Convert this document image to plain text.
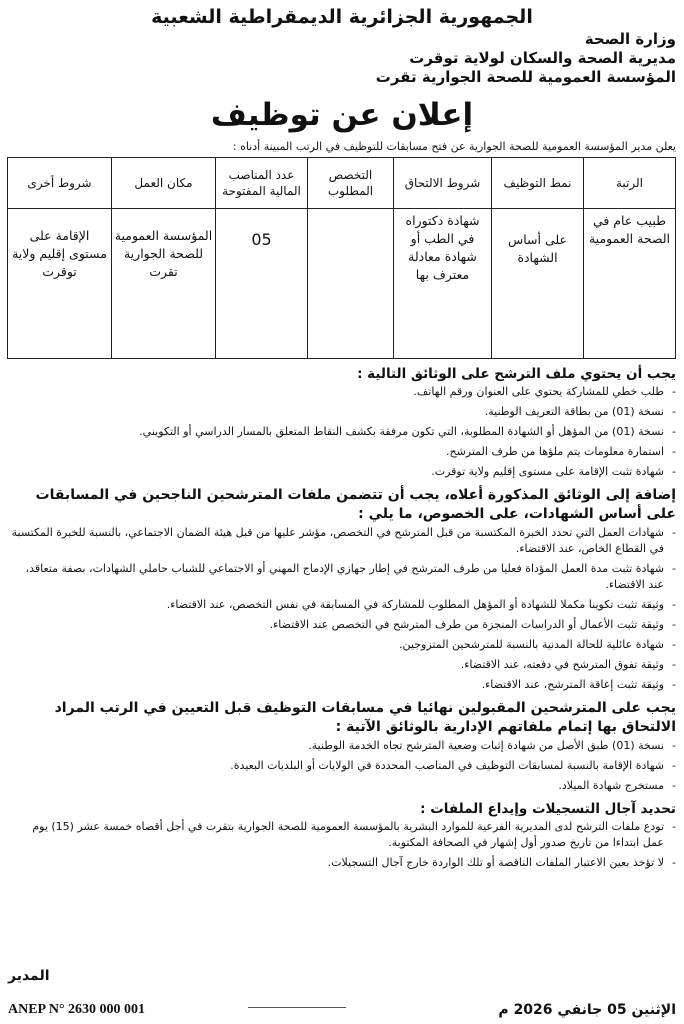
الجمهورية الجزائرية الديمقراطية الشعبية

وزارة الصحة

مديرية الصحة والسكان لولاية توقرت

المؤسسة العمومية للصحة الجوارية تقرت

إعلان عن توظيف

يعلن مدير المؤسسة العمومية للصحة الجوارية عن فتح مسابقات للتوظيف في الرتب المبينة أدناه :

الرتبة	نمط التوظيف	شروط الالتحاق	التخصص المطلوب	عدد المناصب المالية المفتوحة	مكان العمل	شروط أخرى
طبيب عام في الصحة العمومية	على أساس الشهادة	شهادة دكتوراه في الطب أو شهادة معادلة معترف بها		05	المؤسسة العمومية للصحة الجوارية تقرت	الإقامة على مستوى إقليم ولاية توقرت

يجب أن يحتوي ملف الترشح على الوثائق التالية :

-
طلب خطي للمشاركة يحتوي على العنوان ورقم الهاتف.
-
نسخة (01) من بطاقة التعريف الوطنية.
-
نسخة (01) من المؤهل أو الشهادة المطلوبة، التي تكون مرفقة بكشف النقاط المتعلق بالمسار الدراسي أو التكويني.
-
استمارة معلومات يتم ملؤها من طرف المترشح.
-
شهادة تثبت الإقامة على مستوى إقليم ولاية توقرت.

إضافة إلى الوثائق المذكورة أعلاه، يجب أن تتضمن ملفات المترشحين الناجحين في المسابقات على أساس الشهادات، على الخصوص، ما يلي :

-
شهادات العمل التي تحدد الخبرة المكتسبة من قبل المترشح في التخصص، مؤشر عليها من قبل هيئة الضمان الاجتماعي، بالنسبة للخبرة المكتسبة في القطاع الخاص، عند الاقتضاء.
-
شهادة تثبت مدة العمل المؤداة فعليا من طرف المترشح في إطار جهازي الإدماج المهني أو الاجتماعي للشباب حاملي الشهادات، بصفة متعاقد، عند الاقتضاء.
-
وثيقة تثبت تكوينا مكملا للشهادة أو المؤهل المطلوب للمشاركة في المسابقة في نفس التخصص، عند الاقتضاء.
-
وثيقة تثبت الأعمال أو الدراسات المنجزة من طرف المترشح في التخصص عند الاقتضاء.
-
شهادة عائلية للحالة المدنية بالنسبة للمترشحين المتزوجين.
-
وثيقة تفوق المترشح في دفعته، عند الاقتضاء.
-
وثيقة تثبت إعاقة المترشح، عند الاقتضاء.

يجب على المترشحين المقبولين نهائيا في مسابقات التوظيف قبل التعيين في الرتب المراد الالتحاق بها إتمام ملفاتهم الإدارية بالوثائق الآتية :

-
نسخة (01) طبق الأصل من شهادة إثبات وضعية المترشح تجاه الخدمة الوطنية.
-
شهادة الإقامة بالنسبة لمسابقات التوظيف في المناصب المحددة في الولايات أو البلديات البعيدة.
-
مستخرج شهادة الميلاد.

تحديد آجال التسجيلات وإيداع الملفات :

-
تودع ملفات الترشح لدى المديرية الفرعية للموارد البشرية بالمؤسسة العمومية للصحة الجوارية بتقرت في أجل أقصاه خمسة عشر (15) يوم عمل ابتداءا من تاريخ صدور أول إشهار في الصحافة المكتوبة.
-
لا تؤخذ بعين الاعتبار الملفات الناقصة أو تلك الواردة خارج آجال التسجيلات.
المدير
الإثنين 05 جانفي 2026 م
ANEP N° 2630 000 001
